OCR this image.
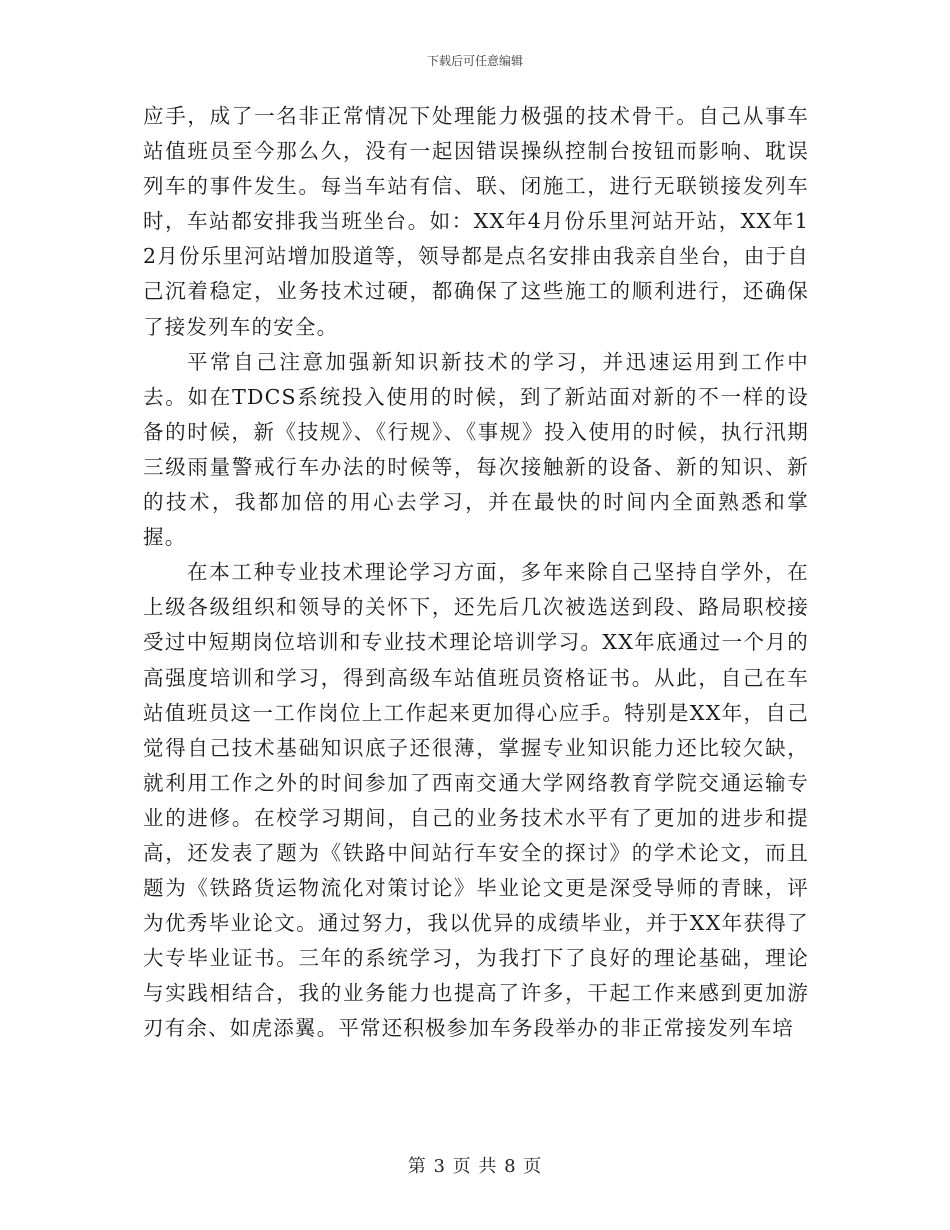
下载后可任意编辑

应手，成了一名非正常情况下处理能力极强的技术骨干。自己从事车站值班员至今那么久，没有一起因错误操纵控制台按钮而影响、耽误列车的事件发生。每当车站有信、联、闭施工，进行无联锁接发列车时，车站都安排我当班坐台。如：XX年4月份乐里河站开站，XX年12月份乐里河站增加股道等，领导都是点名安排由我亲自坐台，由于自己沉着稳定，业务技术过硬，都确保了这些施工的顺利进行，还确保了接发列车的安全。

平常自己注意加强新知识新技术的学习，并迅速运用到工作中去。如在TDCS系统投入使用的时候，到了新站面对新的不一样的设备的时候，新《技规》、《行规》、《事规》投入使用的时候，执行汛期三级雨量警戒行车办法的时候等，每次接触新的设备、新的知识、新的技术，我都加倍的用心去学习，并在最快的时间内全面熟悉和掌握。

在本工种专业技术理论学习方面，多年来除自己坚持自学外，在上级各级组织和领导的关怀下，还先后几次被选送到段、路局职校接受过中短期岗位培训和专业技术理论培训学习。XX年底通过一个月的高强度培训和学习，得到高级车站值班员资格证书。从此，自己在车站值班员这一工作岗位上工作起来更加得心应手。特别是XX年，自己觉得自己技术基础知识底子还很薄，掌握专业知识能力还比较欠缺，就利用工作之外的时间参加了西南交通大学网络教育学院交通运输专业的进修。在校学习期间，自己的业务技术水平有了更加的进步和提高，还发表了题为《铁路中间站行车安全的探讨》的学术论文，而且题为《铁路货运物流化对策讨论》毕业论文更是深受导师的青睐，评为优秀毕业论文。通过努力，我以优异的成绩毕业，并于XX年获得了大专毕业证书。三年的系统学习，为我打下了良好的理论基础，理论与实践相结合，我的业务能力也提高了许多，干起工作来感到更加游刃有余、如虎添翼。平常还积极参加车务段举办的非正常接发列车培

第 3 页 共 8 页
